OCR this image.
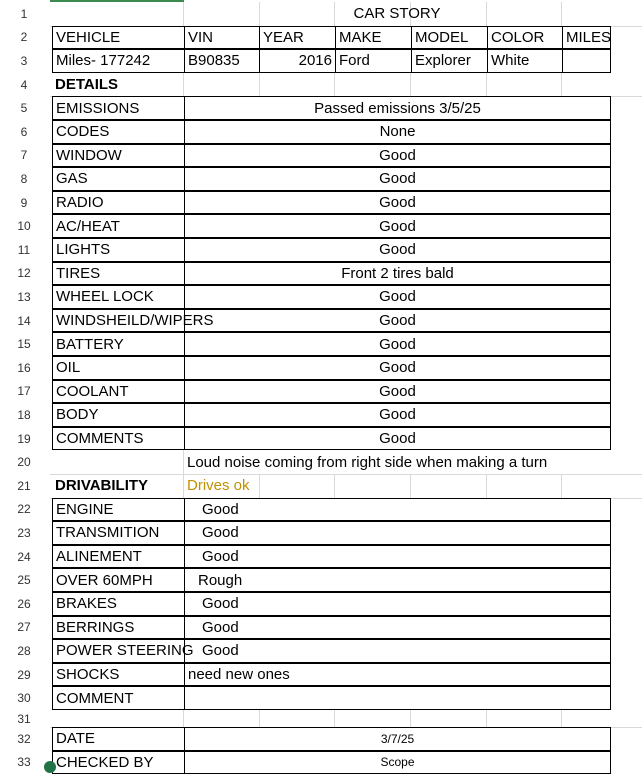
1	CAR STORY
2	VEHICLE	VIN	YEAR	MAKE	MODEL	COLOR	MILES
3	Miles- 177242	B90835	2016 Ford	Explorer	White
4	DETAILS
5	EMISSIONS	Passed emissions 3/5/25
6	CODES	None
7	WINDOW	Good
8	GAS	Good
9	RADIO	Good
10	AC/HEAT	Good
11	LIGHTS	Good
12	TIRES	Front 2 tires bald
13	WHEEL LOCK	Good
14	WINDSHEILD/WIPERS	Good
15	BATTERY	Good
16	OIL	Good
17	COOLANT	Good
18	BODY	Good
19	COMMENTS	Good
20	Loud noise coming from right side when making a turn
21	DRIVABILITY	Drives ok
22	ENGINE	Good
23	TRANSMITION	Good
24	ALINEMENT	Good
25	OVER 60MPH	Rough
26	BRAKES	Good
27	BERRINGS	Good
28	POWER STEERING Good
29	SHOCKS	need new ones
30	COMMENT
31
32	DATE	3/7/25
33	CHECKED BY	Scope
